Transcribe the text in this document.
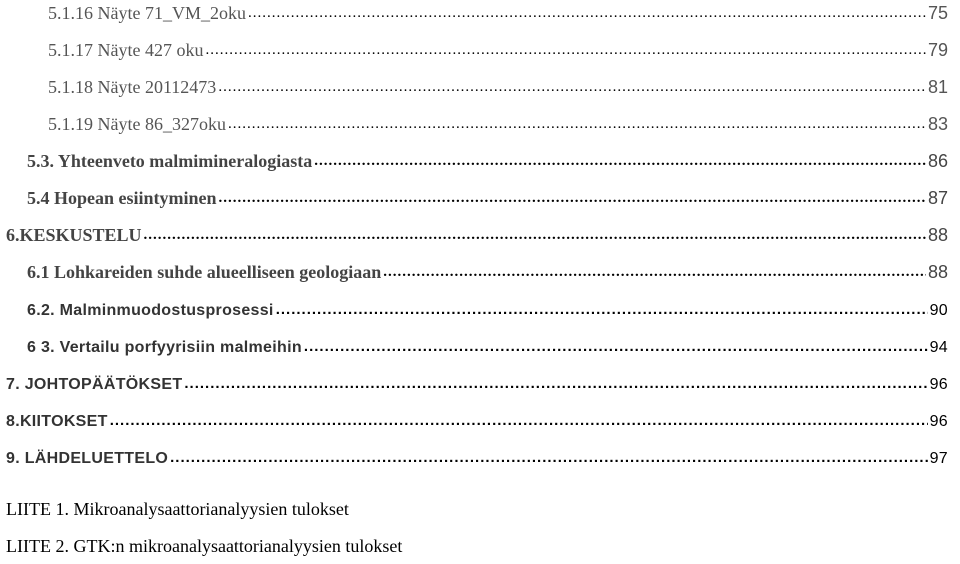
5.1.16 Näyte 71_VM_2oku .....	75
5.1.17 Näyte 427 oku .....	79
5.1.18 Näyte 20112473 .....	81
5.1.19 Näyte 86_327oku .....	83
5.3. Yhteenveto malmimineralogiasta .....	86
5.4 Hopean esiintyminen .....	87
6.KESKUSTELU .....	88
6.1 Lohkareiden suhde alueelliseen geologiaan .....	88
6.2. Malminmuodostusprosessi .....	90
6 3. Vertailu porfyyrisiin malmeihin .....	94
7. JOHTOPÄÄTÖKSET .....	96
8.KIITOKSET .....	96
9. LÄHDELUETTELO .....	97
LIITE 1. Mikroanalysaattorianalyysien tulokset
LIITE 2. GTK:n mikroanalysaattorianalyysien tulokset
